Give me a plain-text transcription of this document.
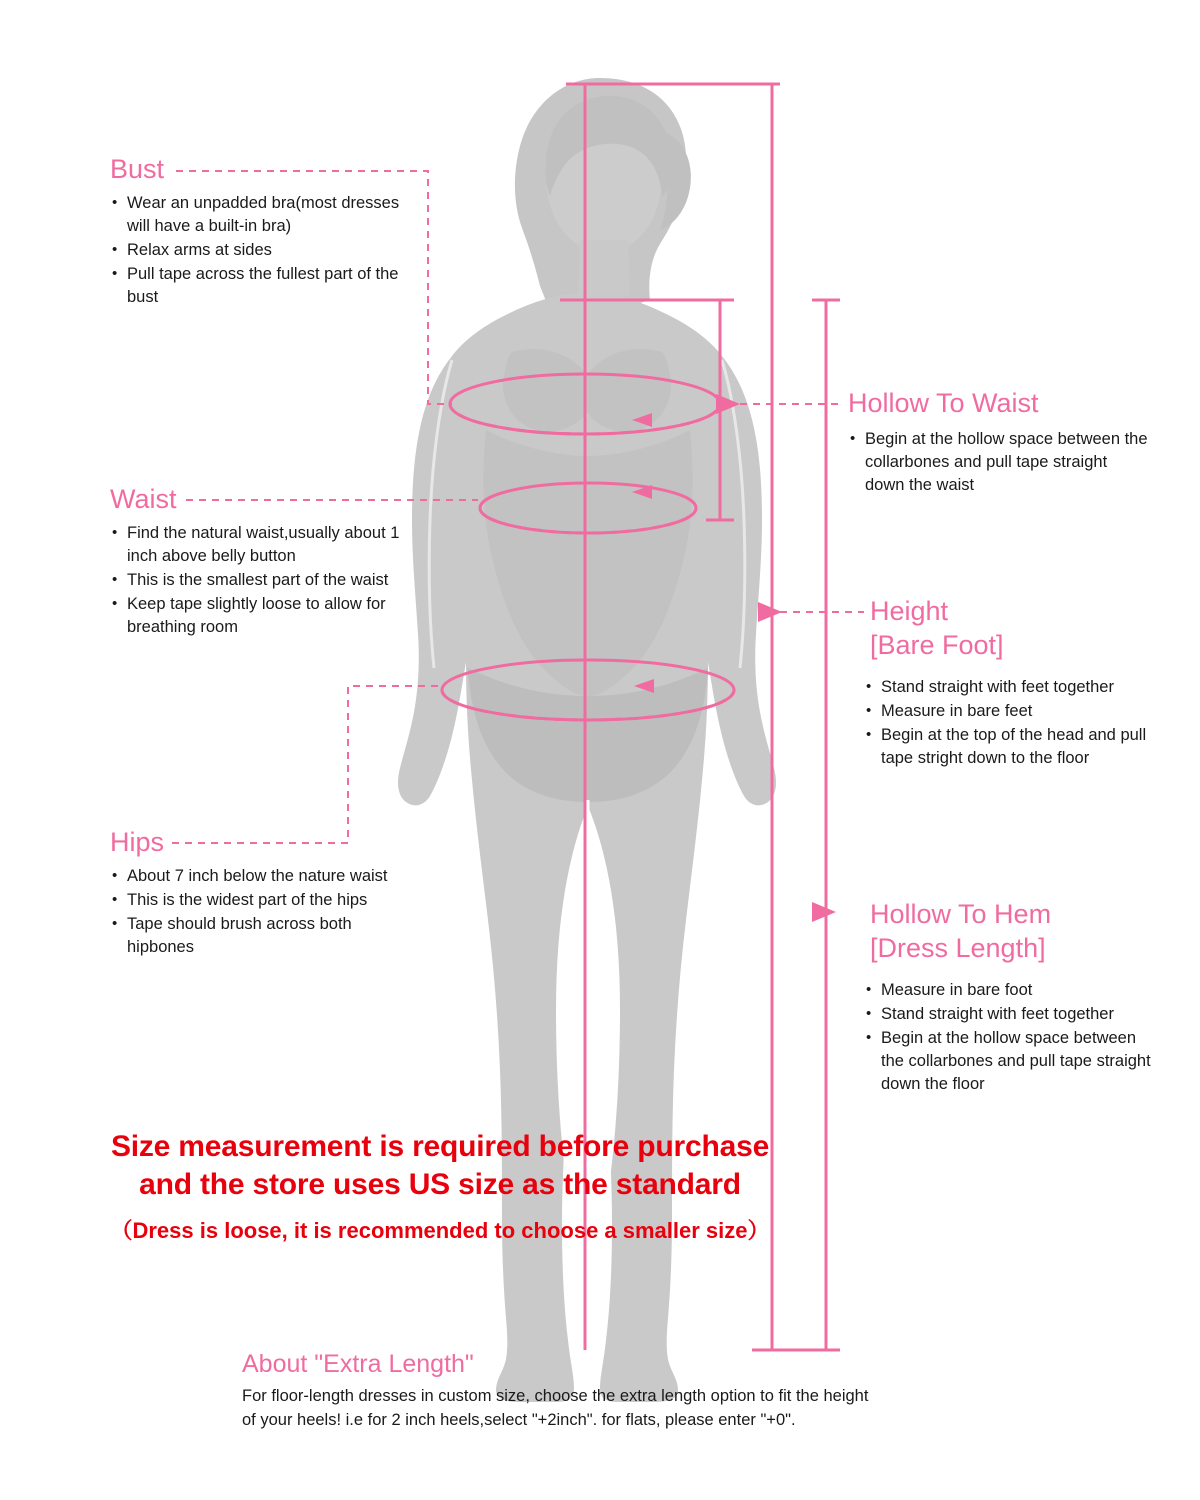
Bust
• Wear an unpadded bra(most dresses will have a built-in bra)
• Relax arms at sides
• Pull tape across the fullest part of the bust
Waist
• Find the natural waist,usually about 1 inch above belly button
• This is the smallest part of the waist
• Keep tape slightly loose to allow for breathing room
Hips
• About 7 inch below the nature waist
• This is the widest part of the hips
• Tape should brush across both hipbones
Hollow To Waist
• Begin at the hollow space between the collarbones and pull tape straight down the waist
Height
[Bare Foot]
• Stand straight with feet together
• Measure in bare feet
• Begin at the top of the head and pull tape stright down to the floor
Hollow To Hem
[Dress Length]
• Measure in bare foot
• Stand straight with feet together
• Begin at the hollow space between the collarbones and pull tape straight down the floor
Size measurement is required before purchase
and the store uses US size as the standard
（Dress is loose, it is recommended to choose a smaller size）
About "Extra Length"
For floor-length dresses in custom size, choose the extra length option to fit the height
of your heels! i.e for 2 inch heels,select "+2inch". for flats, please enter "+0".
